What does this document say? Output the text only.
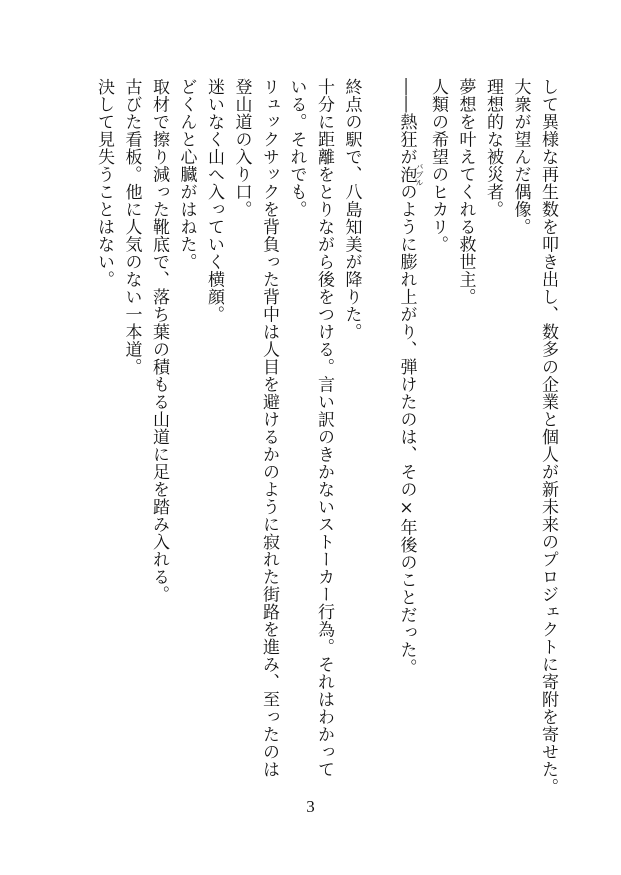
して異様な再生数を叩き出し、数多の企業と個人が新未来のプロジェクトに寄附を寄せた。
大衆が望んだ偶像。
理想的な被災者。
夢想を叶えてくれる救世主。
人類の希望のヒカリ。
――熱狂が泡バブルのように膨れ上がり、弾けたのは、その×年後のことだった。
終点の駅で、八島知美が降りた。
十分に距離をとりながら後をつける。言い訳のきかないストーカー行為。それはわかって
いる。それでも。
リュックサックを背負った背中は人目を避けるかのように寂れた街路を進み、至ったのは
登山道の入り口。
迷いなく山へ入っていく横顔。
どくんと心臓がはねた。
取材で擦り減った靴底で、落ち葉の積もる山道に足を踏み入れる。
古びた看板。他に人気のない一本道。
決して見失うことはない。
3
